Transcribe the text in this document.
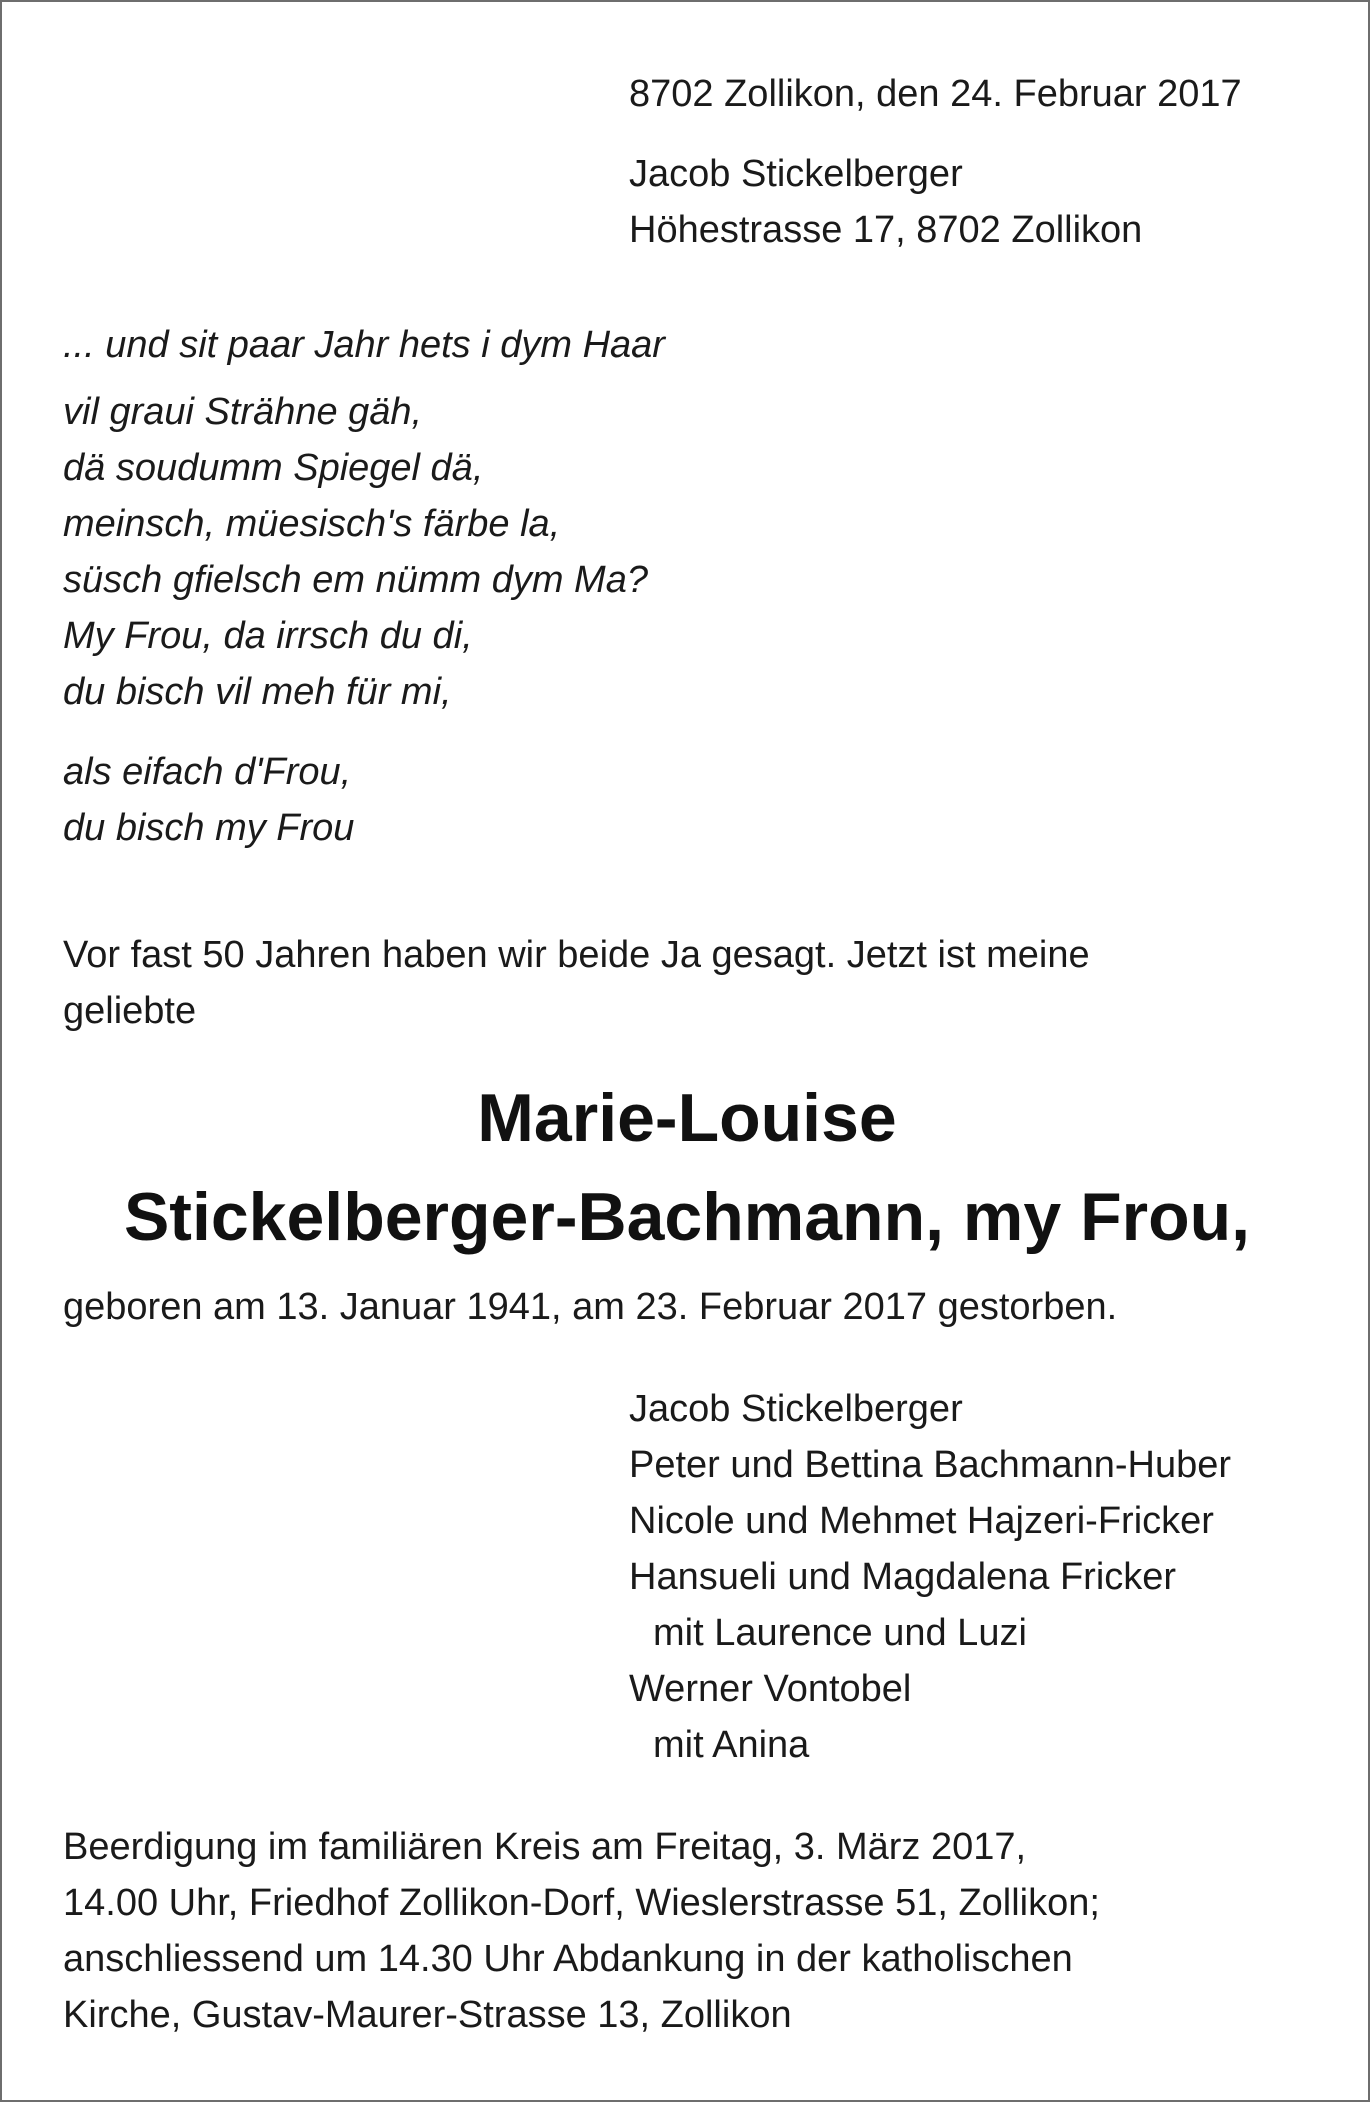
8702 Zollikon, den 24. Februar 2017
Jacob Stickelberger
Höhestrasse 17, 8702 Zollikon
... und sit paar Jahr hets i dym Haar
vil graui Strähne gäh,
dä soudumm Spiegel dä,
meinsch, müesisch's färbe la,
süsch gfielsch em nümm dym Ma?
My Frou, da irrsch du di,
du bisch vil meh für mi,
als eifach d'Frou,
du bisch my Frou
Vor fast 50 Jahren haben wir beide Ja gesagt. Jetzt ist meine
geliebte
Marie-Louise
Stickelberger-Bachmann, my Frou,
geboren am 13. Januar 1941, am 23. Februar 2017 gestorben.
Jacob Stickelberger
Peter und Bettina Bachmann-Huber
Nicole und Mehmet Hajzeri-Fricker
Hansueli und Magdalena Fricker
mit Laurence und Luzi
Werner Vontobel
mit Anina
Beerdigung im familiären Kreis am Freitag, 3. März 2017,
14.00 Uhr, Friedhof Zollikon-Dorf, Wieslerstrasse 51, Zollikon;
anschliessend um 14.30 Uhr Abdankung in der katholischen
Kirche, Gustav-Maurer-Strasse 13, Zollikon
